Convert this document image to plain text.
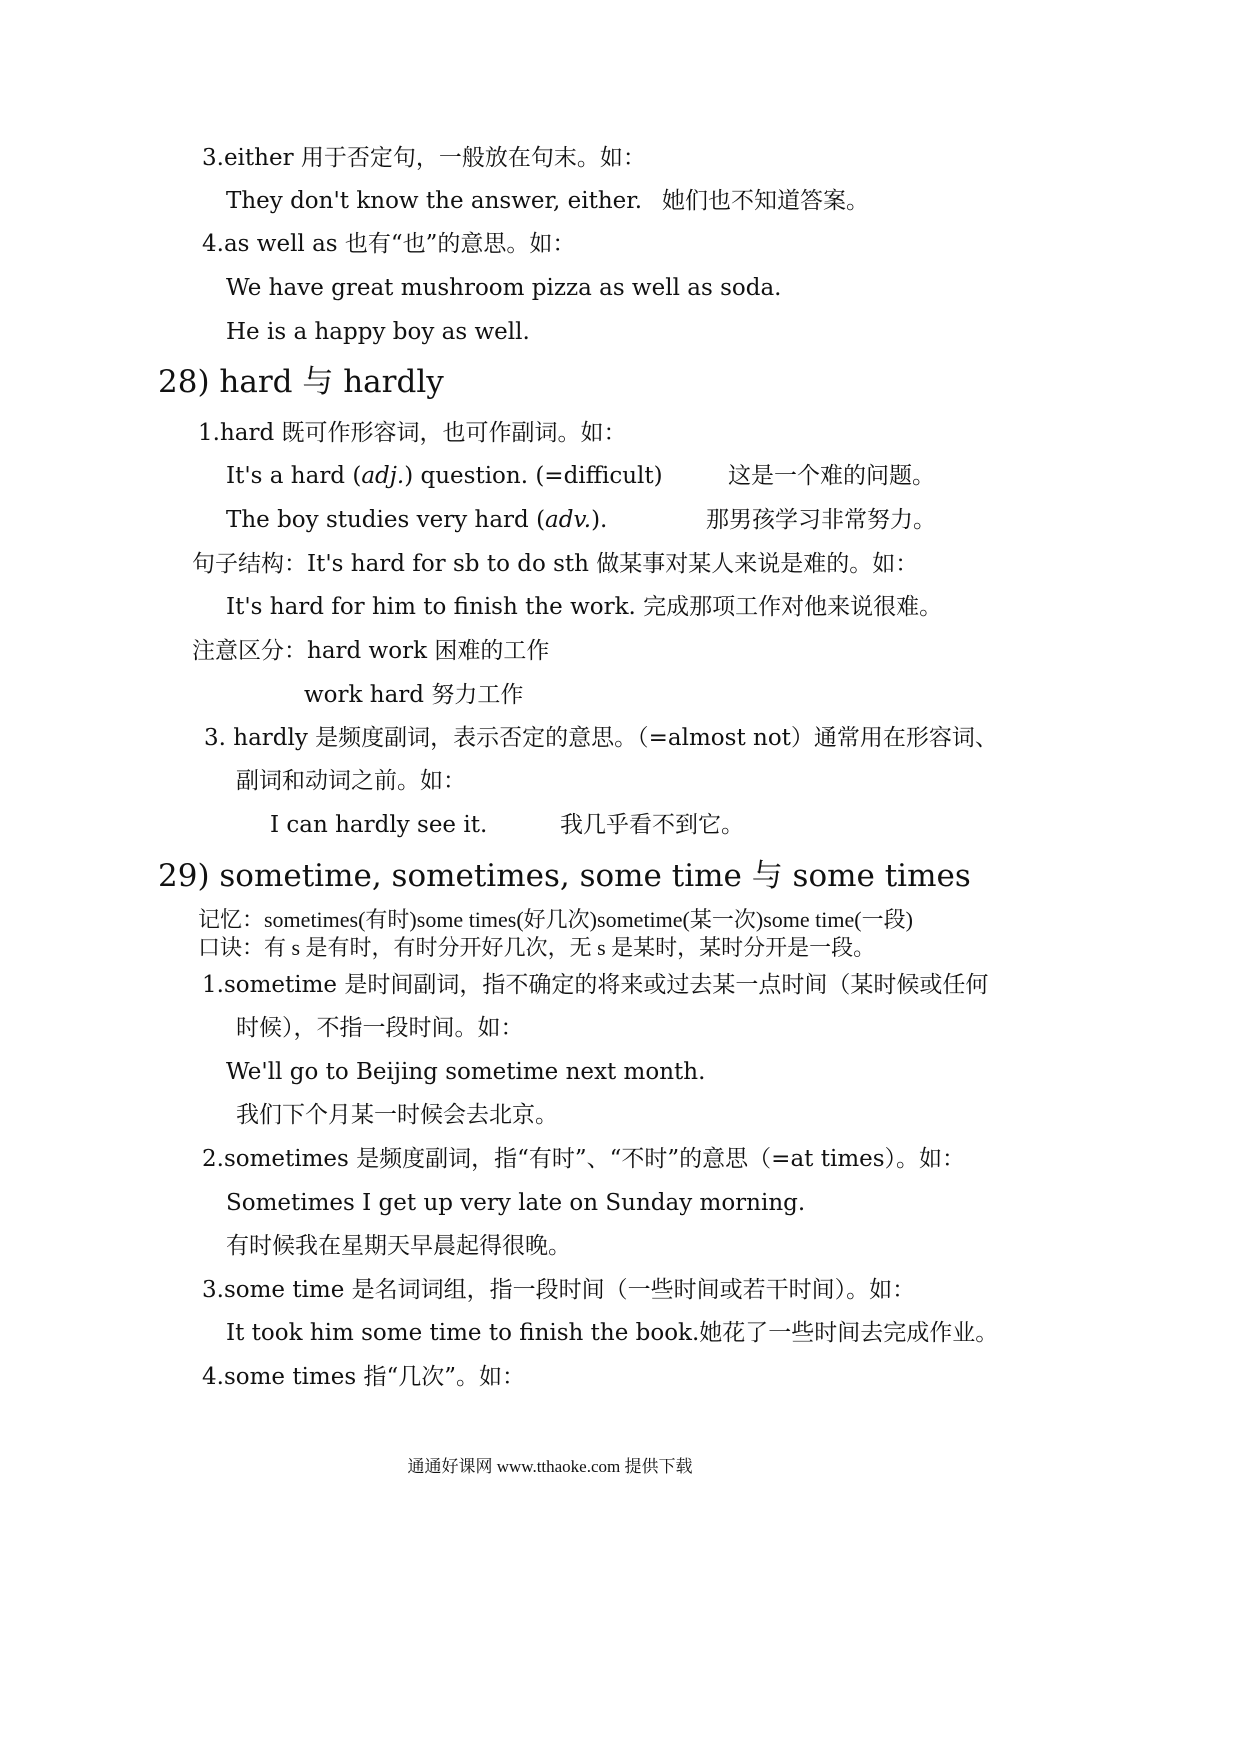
3.either 用于否定句，一般放在句末。如：
They don't know the answer, either. 她们也不知道答案。
4.as well as 也有“也”的意思。如：
We have great mushroom pizza as well as soda.
He is a happy boy as well.
28) hard 与 hardly
1.hard 既可作形容词，也可作副词。如：
It's a hard (adj.) question. (=difficult)	这是一个难的问题。
The boy studies very hard (adv.).	那男孩学习非常努力。
句子结构：It's hard for sb to do sth 做某事对某人来说是难的。如：
It's hard for him to finish the work. 完成那项工作对他来说很难。
注意区分：hard work 困难的工作
work hard 努力工作
3. hardly 是频度副词，表示否定的意思。（=almost not）通常用在形容词、
副词和动词之前。如：
I can hardly see it.	我几乎看不到它。
29) sometime, sometimes, some time 与 some times
记忆：sometimes(有时)some times(好几次)sometime(某一次)some time(一段)
口诀：有 s 是有时，有时分开好几次，无 s 是某时，某时分开是一段。
1.sometime 是时间副词，指不确定的将来或过去某一点时间（某时候或任何
时候），不指一段时间。如：
We'll go to Beijing sometime next month.
我们下个月某一时候会去北京。
2.sometimes 是频度副词，指“有时”、“不时”的意思（=at times）。如：
Sometimes I get up very late on Sunday morning.
有时候我在星期天早晨起得很晚。
3.some time 是名词词组，指一段时间（一些时间或若干时间）。如：
It took him some time to finish the book.她花了一些时间去完成作业。
4.some times 指“几次”。如：
通通好课网 www.tthaoke.com 提供下载
